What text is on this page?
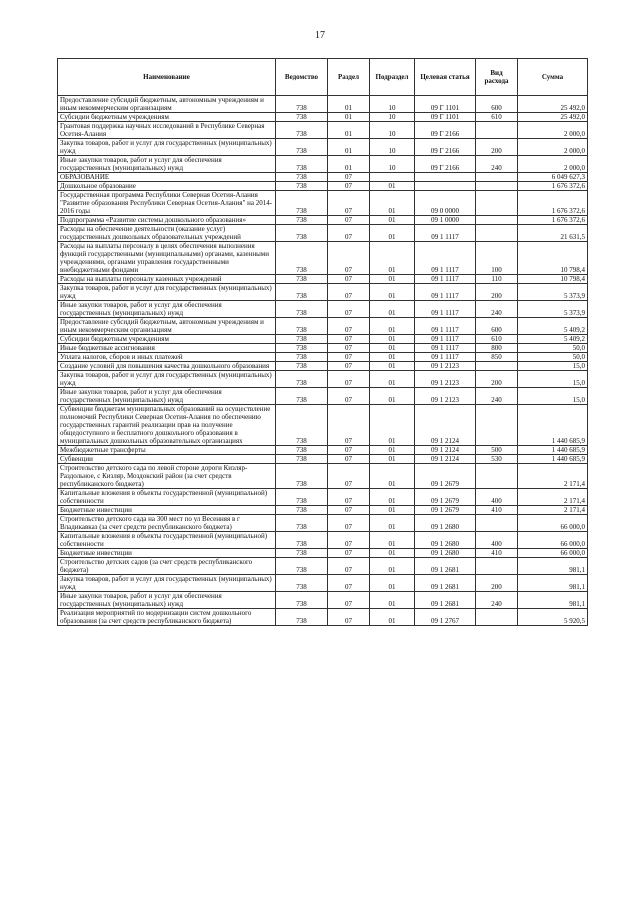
17
Наименование	Ведомство	Раздел	Подраздел	Целевая статья	Вид расхода	Сумма
Предоставление субсидий бюджетным, автономным учреждениям и иным некоммерческим организациям	738	01	10	09 Г 1101	600	25 492,0
Субсидии бюджетным учреждениям	738	01	10	09 Г 1101	610	25 492,0
Грантовая поддержка научных исследований в Республике Северная Осетия-Алания	738	01	10	09 Г 2166		2 000,0
Закупка товаров, работ и услуг для государственных (муниципальных) нужд	738	01	10	09 Г 2166	200	2 000,0
Иные закупки товаров, работ и услуг для обеспечения государственных (муниципальных) нужд	738	01	10	09 Г 2166	240	2 000,0
ОБРАЗОВАНИЕ	738	07				6 049 627,3
Дошкольное образование	738	07	01			1 676 372,6
Государственная программа Республики Северная Осетия-Алания "Развитие образования Республики Северная Осетия-Алания" на 2014-2016 годы	738	07	01	09 0 0000		1 676 372,6
Подпрограмма «Развитие системы дошкольного образования»	738	07	01	09 1 0000		1 676 372,6
Расходы на обеспечение деятельности (оказание услуг) государственных дошкольных образовательных учреждений	738	07	01	09 1 1117		21 631,5
Расходы на выплаты персоналу в целях обеспечения выполнения функций государственными (муниципальными) органами, казенными учреждениями, органами управления государственными внебюджетными фондами	738	07	01	09 1 1117	100	10 798,4
Расходы на выплаты персоналу казенных учреждений	738	07	01	09 1 1117	110	10 798,4
Закупка товаров, работ и услуг для государственных (муниципальных) нужд	738	07	01	09 1 1117	200	5 373,9
Иные закупки товаров, работ и услуг для обеспечения государственных (муниципальных) нужд	738	07	01	09 1 1117	240	5 373,9
Предоставление субсидий бюджетным, автономным учреждениям и иным некоммерческим организациям	738	07	01	09 1 1117	600	5 409,2
Субсидии бюджетным учреждениям	738	07	01	09 1 1117	610	5 409,2
Иные бюджетные ассигнования	738	07	01	09 1 1117	800	50,0
Уплата налогов, сборов и иных платежей	738	07	01	09 1 1117	850	50,0
Создание условий для повышения качества дошкольного образования	738	07	01	09 1 2123		15,0
Закупка товаров, работ и услуг для государственных (муниципальных) нужд	738	07	01	09 1 2123	200	15,0
Иные закупки товаров, работ и услуг для обеспечения государственных (муниципальных) нужд	738	07	01	09 1 2123	240	15,0
Субвенции бюджетам муниципальных образований на осуществление полномочий Республики Северная Осетия-Алания по обеспечению государственных гарантий реализации прав на получение общедоступного и бесплатного дошкольного образования в муниципальных дошкольных образовательных организациях	738	07	01	09 1 2124		1 440 685,9
Межбюджетные трансферты	738	07	01	09 1 2124	500	1 440 685,9
Субвенции	738	07	01	09 1 2124	530	1 440 685,9
Строительство детского сада по левой стороне дороги Кизляр-Раздольное, с Кизляр, Моздокский район (за счет средств республиканского бюджета)	738	07	01	09 1 2679		2 171,4
Капитальные вложения в объекты государственной (муниципальной) собственности	738	07	01	09 1 2679	400	2 171,4
Бюджетные инвестиции	738	07	01	09 1 2679	410	2 171,4
Строительство детского сада на 300 мест по ул Весенняя в г Владикавказ (за счет средств республиканского бюджета)	738	07	01	09 1 2680		66 000,0
Капитальные вложения в объекты государственной (муниципальной) собственности	738	07	01	09 1 2680	400	66 000,0
Бюджетные инвестиции	738	07	01	09 1 2680	410	66 000,0
Строительство детских садов (за счет средств республиканского бюджета)	738	07	01	09 1 2681		981,1
Закупка товаров, работ и услуг для государственных (муниципальных) нужд	738	07	01	09 1 2681	200	981,1
Иные закупки товаров, работ и услуг для обеспечения государственных (муниципальных) нужд	738	07	01	09 1 2681	240	981,1
Реализация мероприятий по модернизации систем дошкольного образования (за счет средств республиканского бюджета)	738	07	01	09 1 2767		5 920,5
